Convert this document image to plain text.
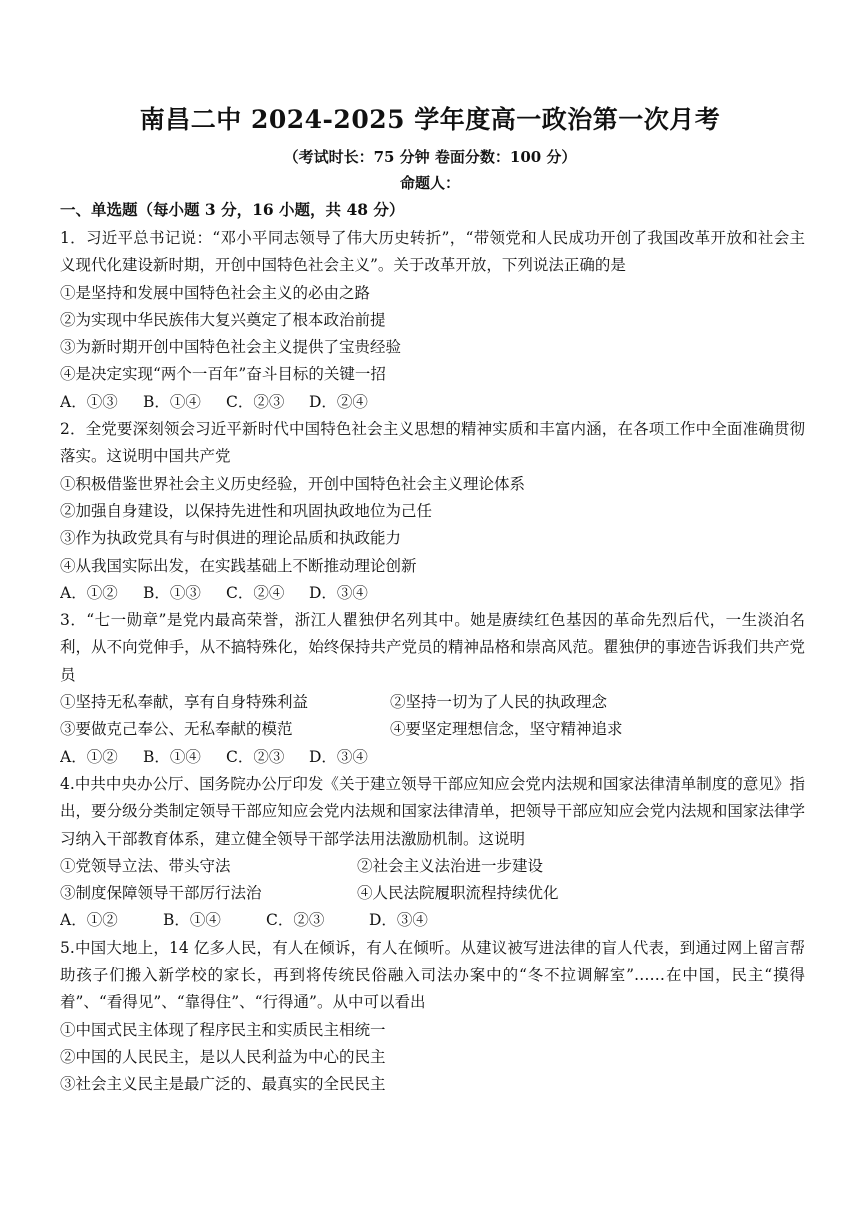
南昌二中 2024-2025 学年度高一政治第一次月考
（考试时长：75 分钟 卷面分数：100 分）
命题人：
一、单选题（每小题 3 分，16 小题，共 48 分）
1．习近平总书记说：“邓小平同志领导了伟大历史转折”，“带领党和人民成功开创了我国改革开放和社会主义现代化建设新时期，开创中国特色社会主义”。关于改革开放，下列说法正确的是
①是坚持和发展中国特色社会主义的必由之路
②为实现中华民族伟大复兴奠定了根本政治前提
③为新时期开创中国特色社会主义提供了宝贵经验
④是决定实现“两个一百年”奋斗目标的关键一招
A．①③ B．①④ C．②③ D．②④
2．全党要深刻领会习近平新时代中国特色社会主义思想的精神实质和丰富内涵，在各项工作中全面准确贯彻落实。这说明中国共产党
①积极借鉴世界社会主义历史经验，开创中国特色社会主义理论体系
②加强自身建设，以保持先进性和巩固执政地位为己任
③作为执政党具有与时俱进的理论品质和执政能力
④从我国实际出发，在实践基础上不断推动理论创新
A．①② B．①③ C．②④ D．③④
3．“七一勋章”是党内最高荣誉，浙江人瞿独伊名列其中。她是赓续红色基因的革命先烈后代，一生淡泊名利，从不向党伸手，从不搞特殊化，始终保持共产党员的精神品格和崇高风范。瞿独伊的事迹告诉我们共产党员
①坚持无私奉献，享有自身特殊利益	②坚持一切为了人民的执政理念
③要做克己奉公、无私奉献的模范	④要坚定理想信念，坚守精神追求
A．①② B．①④ C．②③ D．③④
4.中共中央办公厅、国务院办公厅印发《关于建立领导干部应知应会党内法规和国家法律清单制度的意见》指出，要分级分类制定领导干部应知应会党内法规和国家法律清单，把领导干部应知应会党内法规和国家法律学习纳入干部教育体系，建立健全领导干部学法用法激励机制。这说明
①党领导立法、带头守法	②社会主义法治进一步建设
③制度保障领导干部厉行法治	④人民法院履职流程持续优化
A．①②	B．①④	C．②③	D．③④
5.中国大地上，14 亿多人民，有人在倾诉，有人在倾听。从建议被写进法律的盲人代表，到通过网上留言帮助孩子们搬入新学校的家长，再到将传统民俗融入司法办案中的“冬不拉调解室”……在中国，民主“摸得着”、“看得见”、“靠得住”、“行得通”。从中可以看出
①中国式民主体现了程序民主和实质民主相统一
②中国的人民民主，是以人民利益为中心的民主
③社会主义民主是最广泛的、最真实的全民民主
